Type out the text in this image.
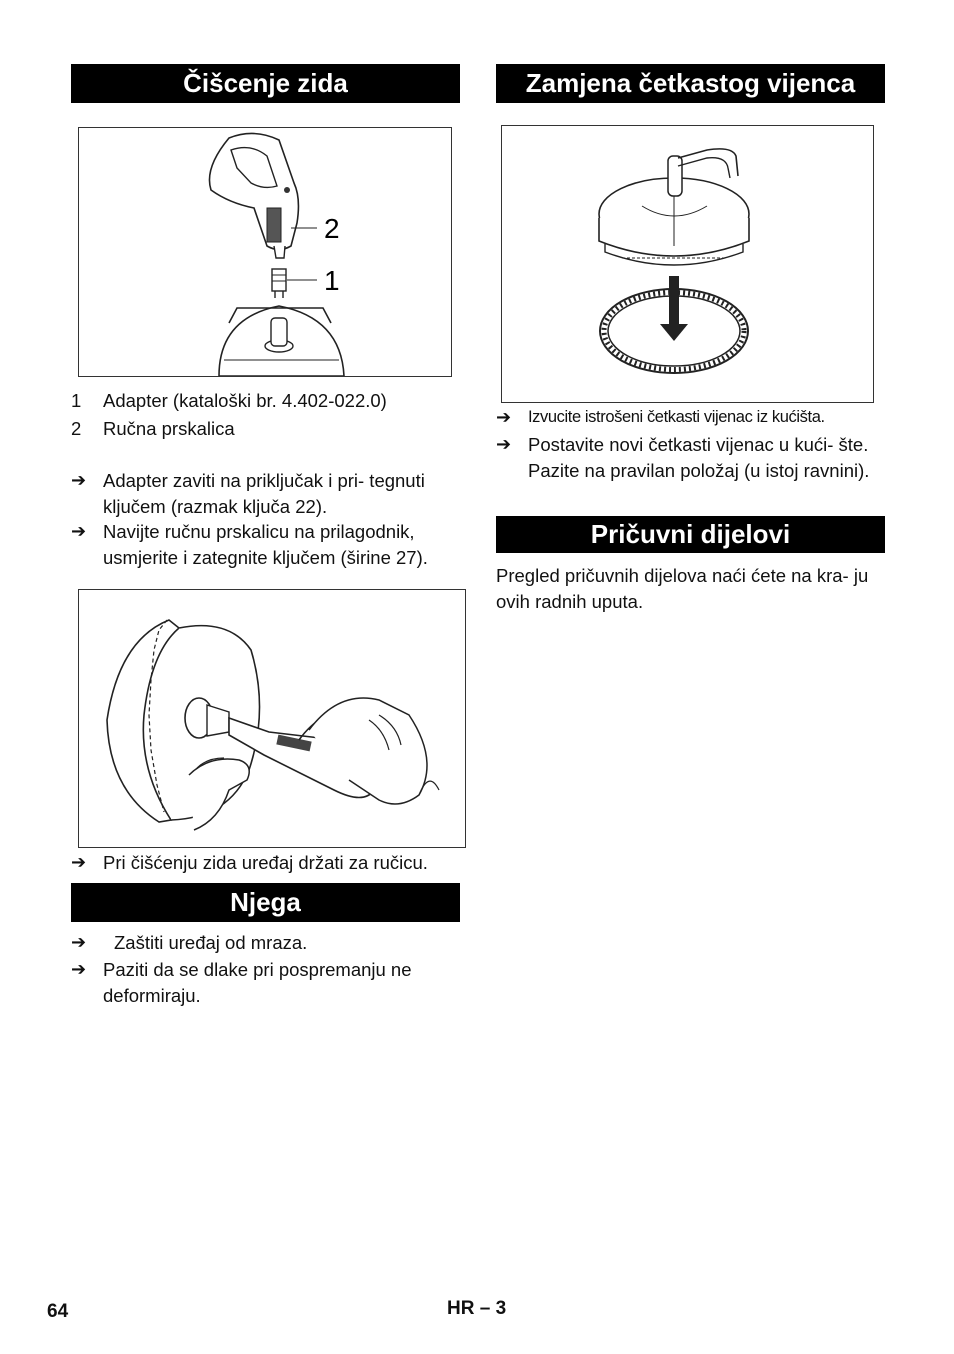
Čišcenje zida
2
1
1	Adapter (kataloški br. 4.402-022.0)
2	Ručna prskalica
➔ Adapter zaviti na priključak i pri- tegnuti ključem (razmak ključa 22).
➔ Navijte ručnu prskalicu na prilagodnik, usmjerite i zategnite ključem (širine 27).
➔ Pri čišćenju zida uređaj držati za ručicu.
Njega
➔	Zaštiti uređaj od mraza.
➔ Paziti da se dlake pri pospremanju ne deformiraju.
Zamjena četkastog vijenca
➔	Izvucite istrošeni četkasti vijenac iz kućišta.
➔ Postavite novi četkasti vijenac u kući- šte. Pazite na pravilan položaj (u istoj ravnini).
Pričuvni dijelovi
Pregled pričuvnih dijelova naći ćete na kra- ju ovih radnih uputa.
64	HR – 3
